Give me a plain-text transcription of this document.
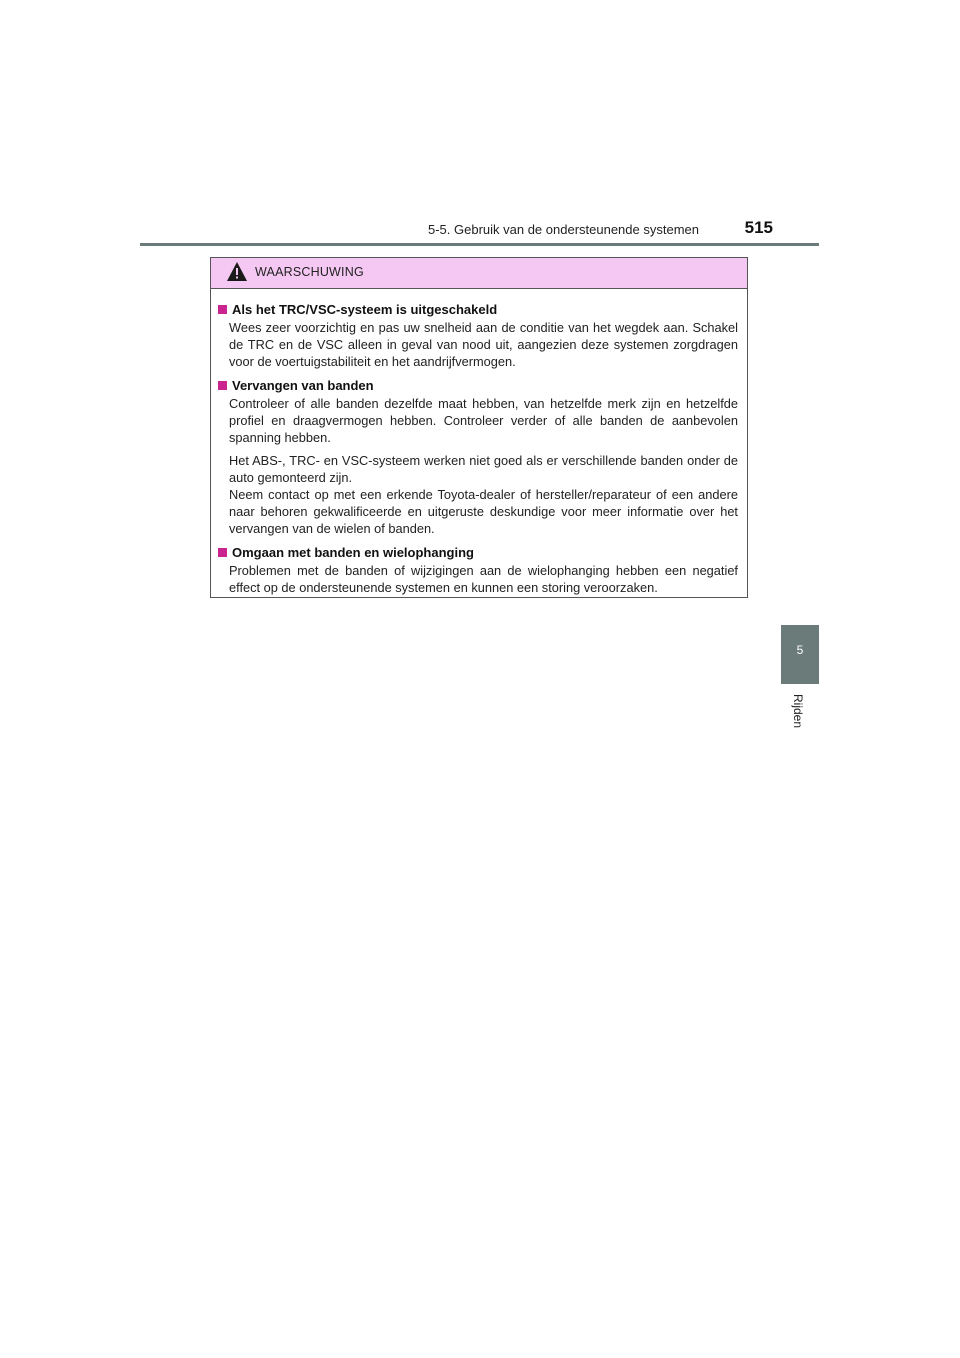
5-5. Gebruik van de ondersteunende systemen	515
5
Rijden
WAARSCHUWING
Als het TRC/VSC-systeem is uitgeschakeld

Wees zeer voorzichtig en pas uw snelheid aan de conditie van het wegdek aan. Schakel de TRC en de VSC alleen in geval van nood uit, aangezien deze systemen zorgdragen voor de voertuigstabiliteit en het aandrijfvermogen.

Vervangen van banden

Controleer of alle banden dezelfde maat hebben, van hetzelfde merk zijn en hetzelfde profiel en draagvermogen hebben. Controleer verder of alle banden de aanbevolen spanning hebben.

Het ABS-, TRC- en VSC-systeem werken niet goed als er verschillende banden onder de auto gemonteerd zijn.
Neem contact op met een erkende Toyota-dealer of hersteller/reparateur of een andere naar behoren gekwalificeerde en uitgeruste deskundige voor meer informatie over het vervangen van de wielen of banden.

Omgaan met banden en wielophanging

Problemen met de banden of wijzigingen aan de wielophanging hebben een negatief effect op de ondersteunende systemen en kunnen een storing veroorzaken.
